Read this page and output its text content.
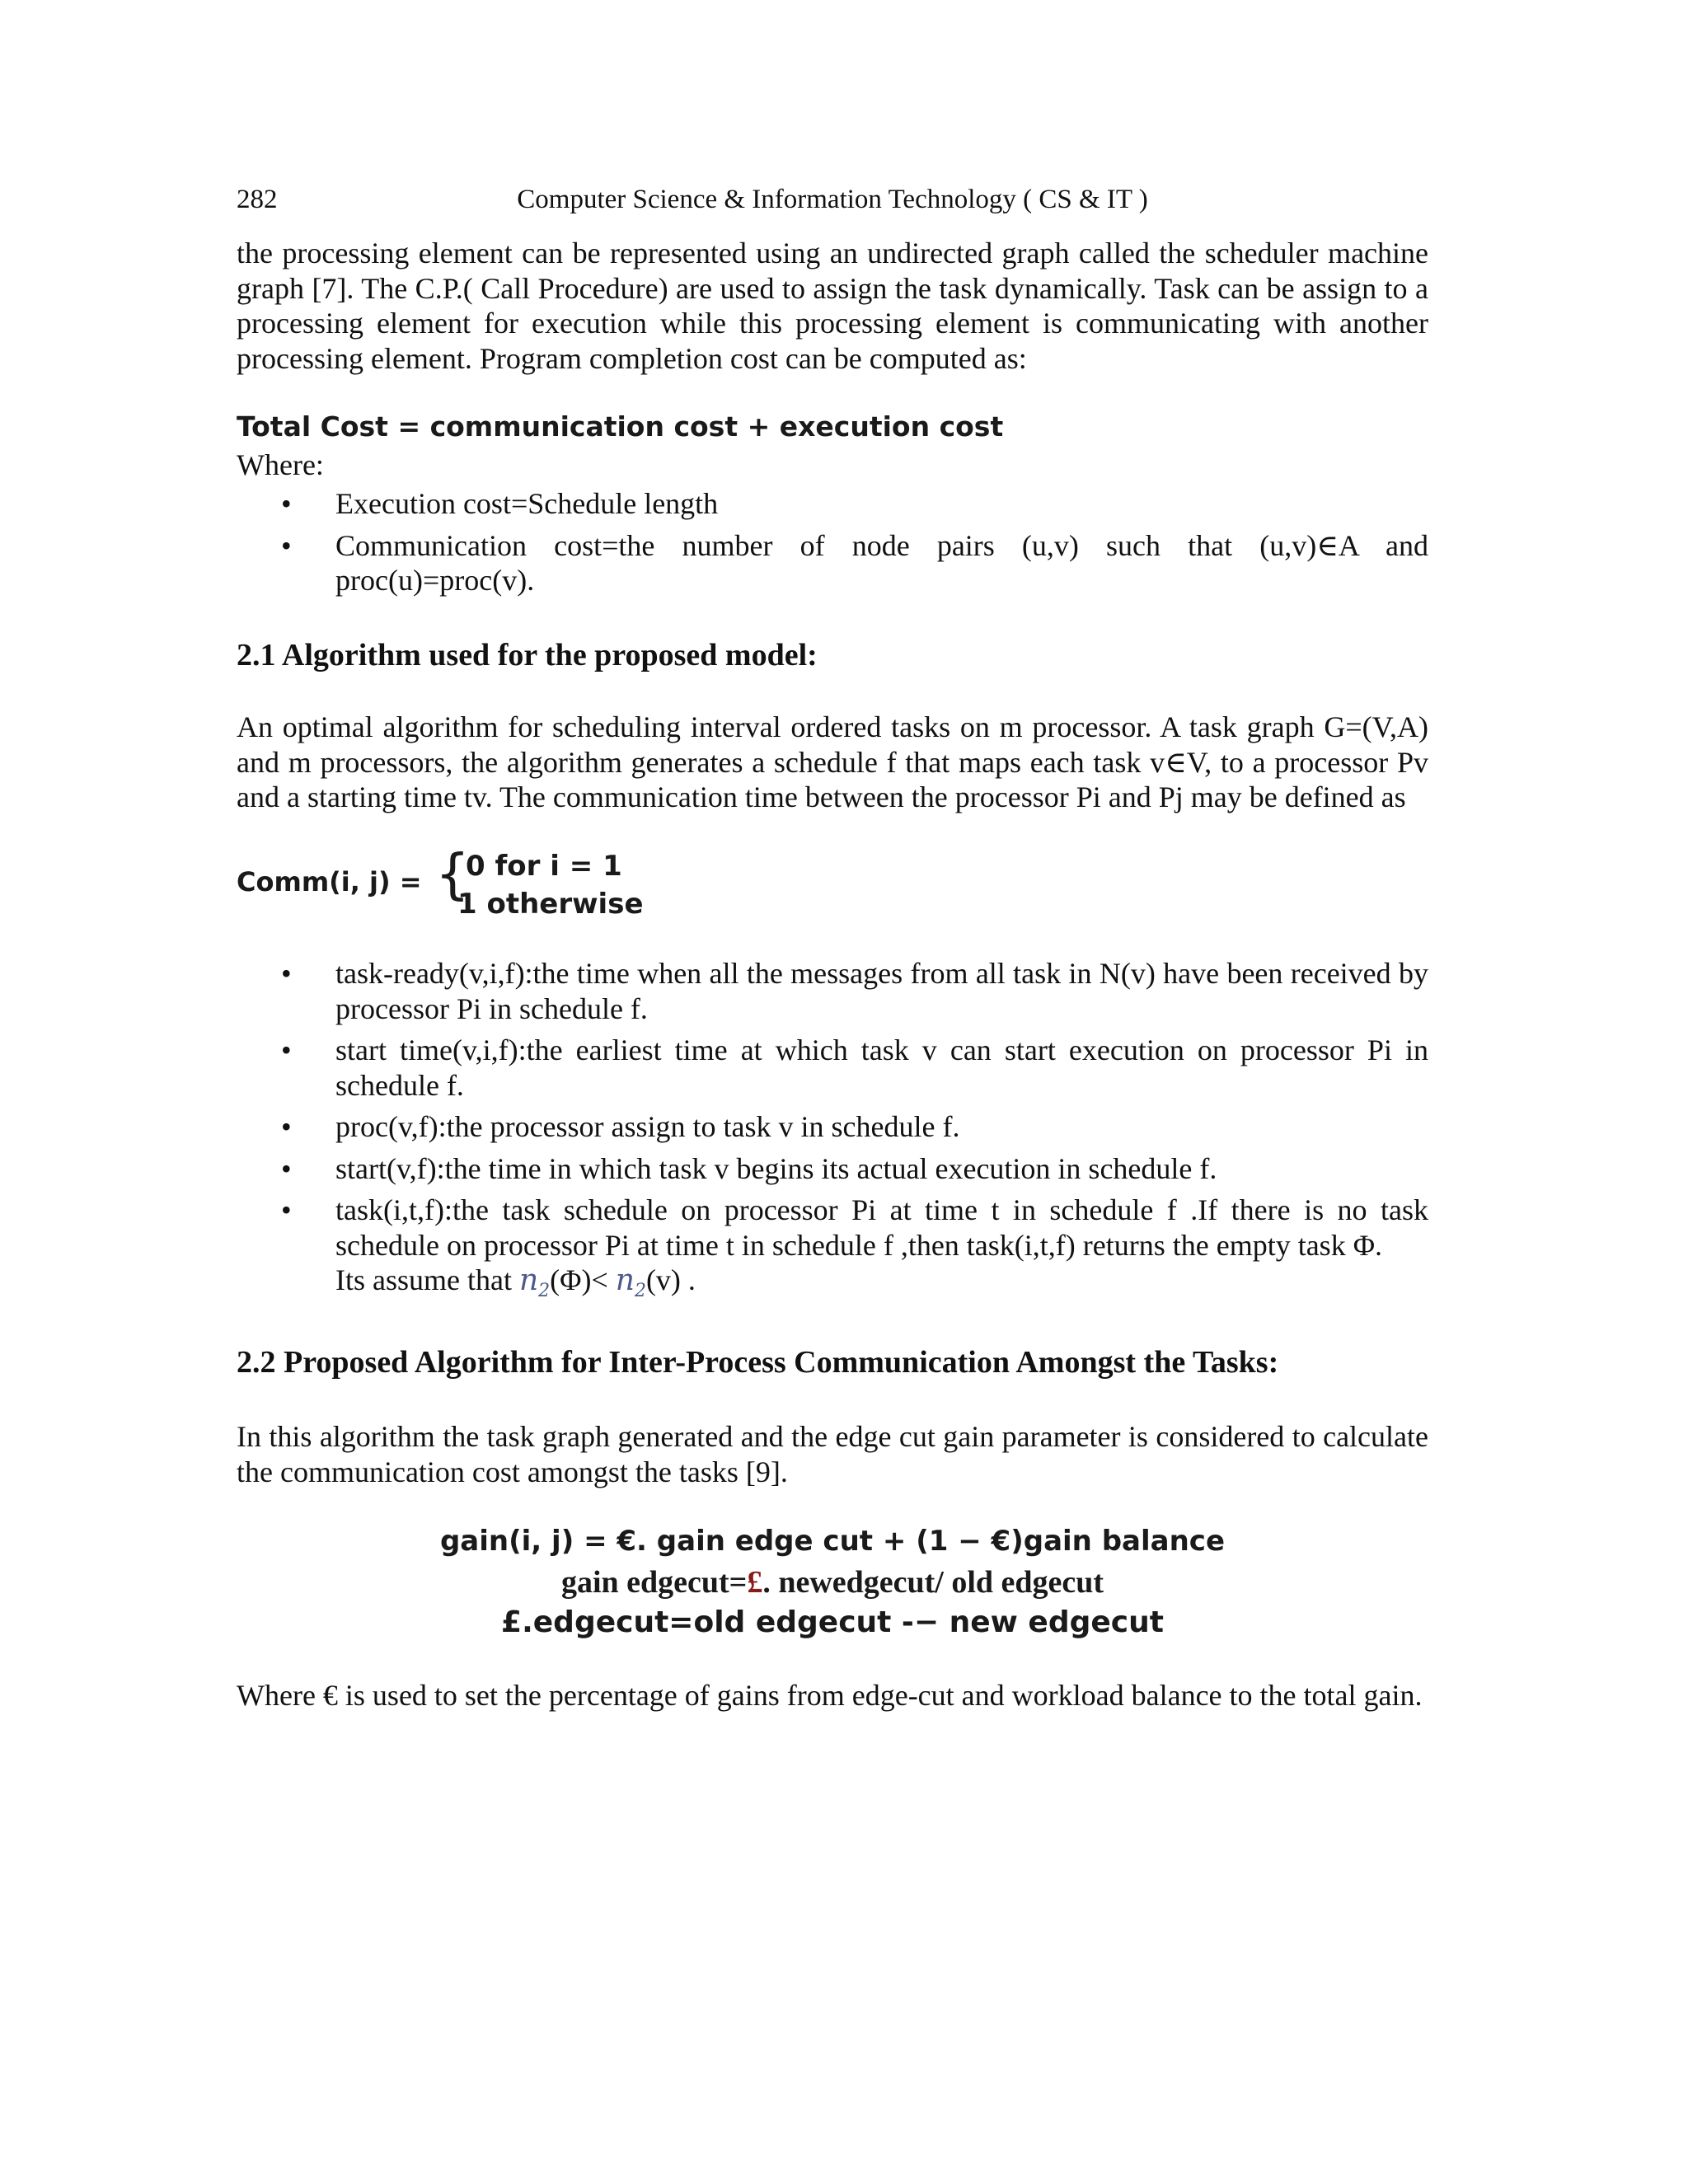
282	Computer Science & Information Technology ( CS & IT )
the processing element can be represented using an undirected graph called the scheduler machine graph [7]. The C.P.( Call Procedure) are used to assign the task dynamically. Task can be assign to a processing element for execution while this processing element is communicating with another processing element. Program completion cost can be computed as:
Total Cost = communication cost + execution cost
Where:
• Execution cost=Schedule length
• Communication cost=the number of node pairs (u,v) such that (u,v)∈A and proc(u)=proc(v).
2.1 Algorithm used for the proposed model:
An optimal algorithm for scheduling interval ordered tasks on m processor. A task graph G=(V,A) and m processors, the algorithm generates a schedule f that maps each task v∈V, to a processor Pv and a starting time tv. The communication time between the processor Pi and Pj may be defined as
Comm(i, j) = {
0 for i = 1
1 otherwise
• task-ready(v,i,f):the time when all the messages from all task in N(v) have been received by processor Pi in schedule f.
• start time(v,i,f):the earliest time at which task v can start execution on processor Pi in schedule f.
• proc(v,f):the processor assign to task v in schedule f.
• start(v,f):the time in which task v begins its actual execution in schedule f.
• task(i,t,f):the task schedule on processor Pi at time t in schedule f .If there is no task schedule on processor Pi at time t in schedule f ,then task(i,t,f) returns the empty task Φ.
Its assume that $n_2(\Phi)< n_2(v)$ .
2.2 Proposed Algorithm for Inter-Process Communication Amongst the Tasks:
In this algorithm the task graph generated and the edge cut gain parameter is considered to calculate the communication cost amongst the tasks [9].
gain(i, j) = €. gain edge cut + (1 − €)gain balance
gain edgecut=£. newedgecut/ old edgecut
£.edgecut=old edgecut -− new edgecut
Where € is used to set the percentage of gains from edge-cut and workload balance to the total gain.
